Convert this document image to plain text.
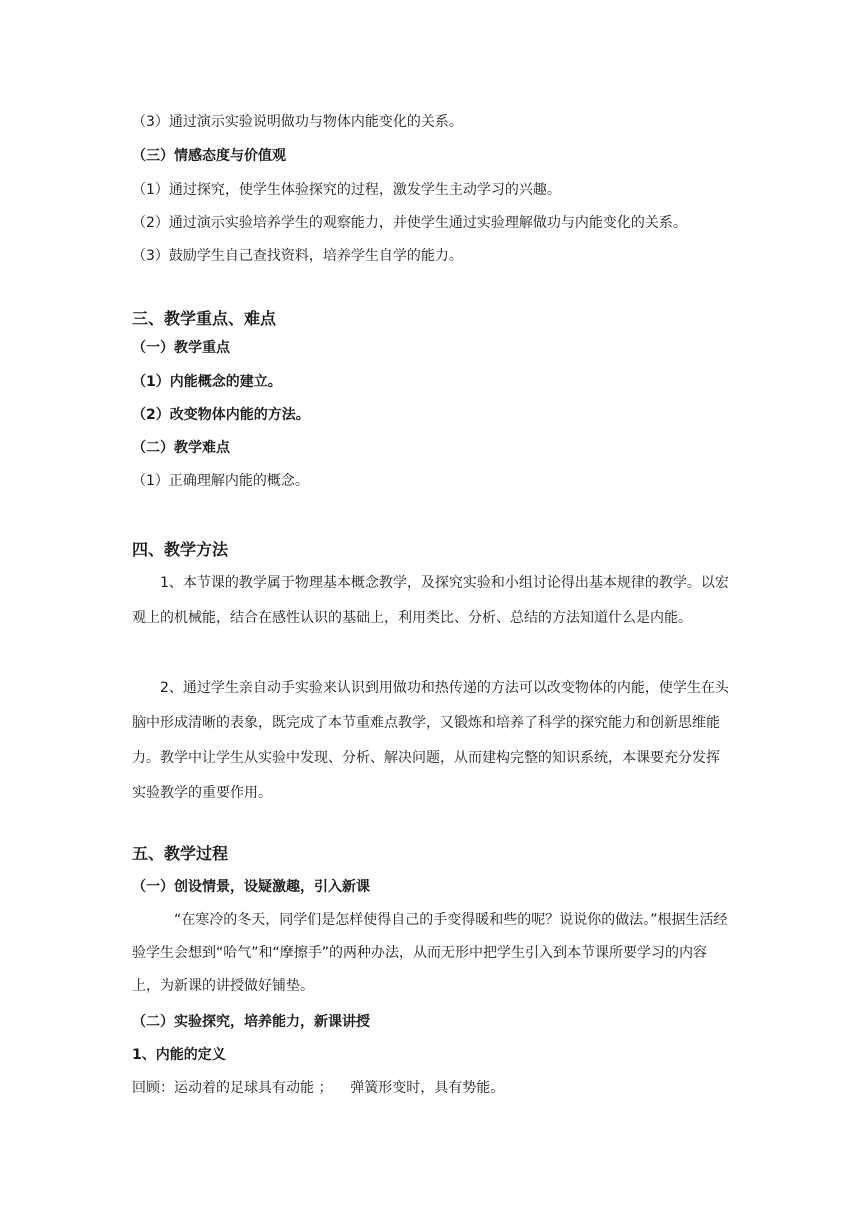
（3）通过演示实验说明做功与物体内能变化的关系。

（三）情感态度与价值观

（1）通过探究，使学生体验探究的过程，激发学生主动学习的兴趣。

（2）通过演示实验培养学生的观察能力，并使学生通过实验理解做功与内能变化的关系。

（3）鼓励学生自己查找资料，培养学生自学的能力。

三、教学重点、难点

（一）教学重点

（1）内能概念的建立。

（2）改变物体内能的方法。

（二）教学难点

（1）正确理解内能的概念。

四、教学方法

1、本节课的教学属于物理基本概念教学，及探究实验和小组讨论得出基本规律的教学。以宏观上的机械能，结合在感性认识的基础上，利用类比、分析、总结的方法知道什么是内能。

2、通过学生亲自动手实验来认识到用做功和热传递的方法可以改变物体的内能，使学生在头脑中形成清晰的表象，既完成了本节重难点教学，又锻炼和培养了科学的探究能力和创新思维能力。教学中让学生从实验中发现、分析、解决问题，从而建构完整的知识系统，本课要充分发挥实验教学的重要作用。

五、教学过程

（一）创设情景，设疑激趣，引入新课

“在寒冷的冬天，同学们是怎样使得自己的手变得暖和些的呢？说说你的做法。”根据生活经验学生会想到“哈气”和“摩擦手”的两种办法，从而无形中把学生引入到本节课所要学习的内容上，为新课的讲授做好铺垫。

（二）实验探究，培养能力，新课讲授

1、内能的定义

回顾：运动着的足球具有动能 ；    弹簧形变时，具有势能。
